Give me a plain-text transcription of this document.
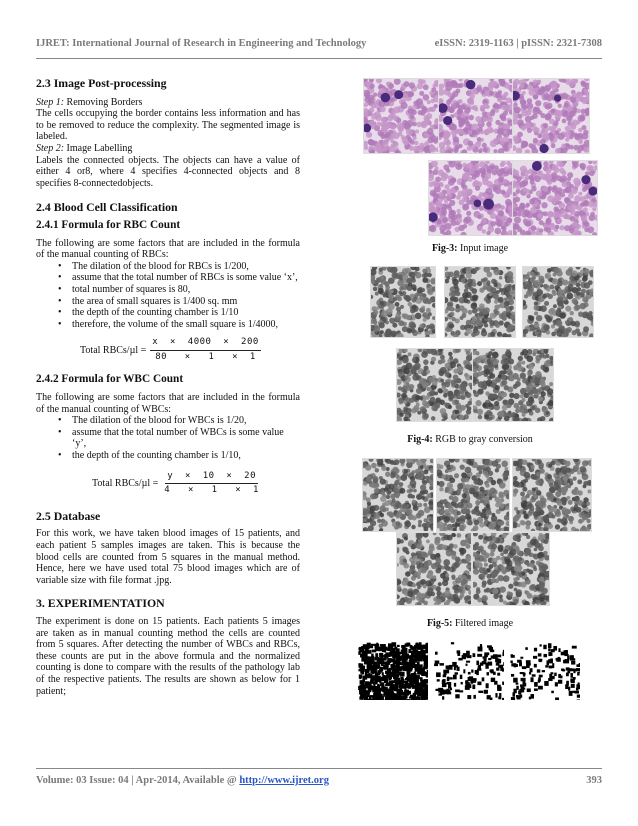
IJRET: International Journal of Research in Engineering and Technology	eISSN: 2319-1163 | pISSN: 2321-7308
2.3 Image Post-processing

Step 1: Removing Borders

The cells occupying the border contains less information and has to be removed to reduce the complexity. The segmented image is labeled.

Step 2: Image Labelling

Labels the connected objects. The objects can have a value of either 4 or8, where 4 specifies 4-connected objects and 8 specifies 8-connectedobjects.

2.4 Blood Cell Classification
2.4.1 Formula for RBC Count

The following are some factors that are included in the formula of the manual counting of RBCs:

• The dilation of the blood for RBCs is 1/200,
• assume that the total number of RBCs is some value ‘x’,
• total number of squares is 80,
• the area of small squares is 1/400 sq. mm
• the depth of the counting chamber is 1/10
• therefore, the volume of the small square is 1/4000,
Total RBCs/µl = $\frac{x \times 4000 \times 200}{80 \times 1 \times 1}$
2.4.2 Formula for WBC Count

The following are some factors that are included in the formula of the manual counting of WBCs:

• The dilation of the blood for WBCs is 1/20,
• assume that the total number of WBCs is some value ‘y’,
• the depth of the counting chamber is 1/10,
Total RBCs/µl = $\frac{y \times 10 \times 20}{4 \times 1 \times 1}$
2.5 Database

For this work, we have taken blood images of 15 patients, and each patient 5 samples images are taken. This is because the blood cells are counted from 5 squares in the manual method. Hence, here we have used total 75 blood images which are of variable size with file format .jpg.

3. EXPERIMENTATION

The experiment is done on 15 patients. Each patients 5 images are taken as in manual counting method the cells are counted from 5 squares. After detecting the number of WBCs and RBCs, these counts are put in the above formula and the normalized counting is done to compare with the results of the pathology lab of the respective patients. The results are shown as below for 1 patient;

Fig-3: Input image
Fig-4: RGB to gray conversion
Fig-5: Filtered image
Volume: 03 Issue: 04 | Apr-2014, Available @ http://www.ijret.org	393
